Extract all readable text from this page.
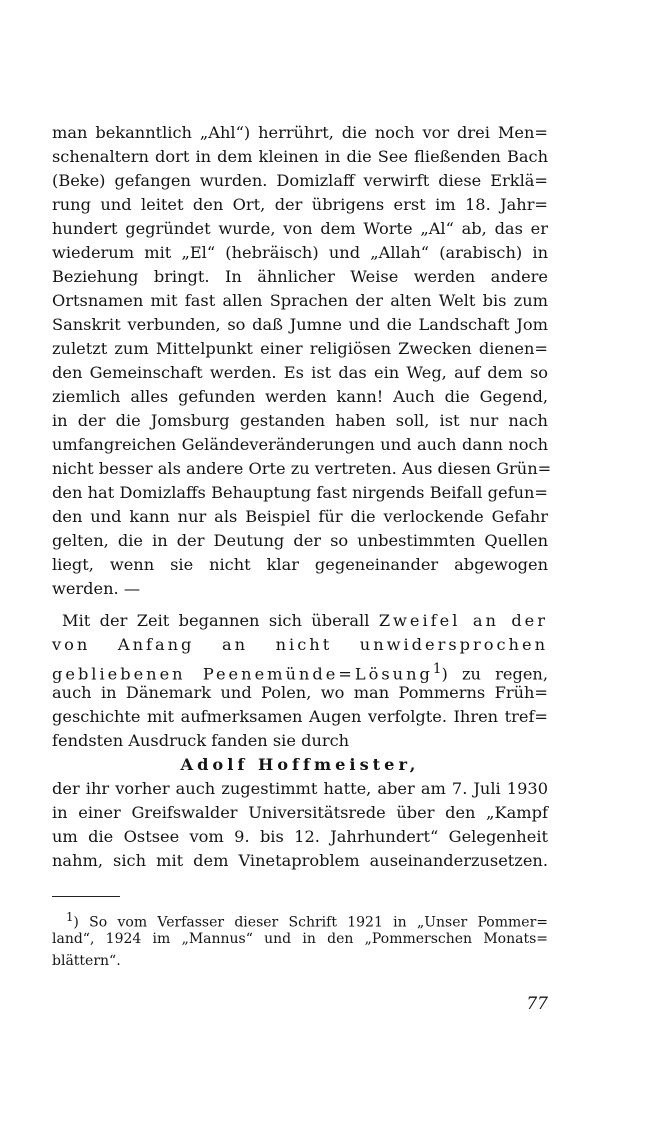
man bekanntlich „Ahl“) herrührt, die noch vor drei Men=
schenaltern dort in dem kleinen in die See fließenden Bach
(Beke) gefangen wurden. Domizlaff verwirft diese Erklä=
rung und leitet den Ort, der übrigens erst im 18. Jahr=
hundert gegründet wurde, von dem Worte „Al“ ab, das er
wiederum mit „El“ (hebräisch) und „Allah“ (arabisch) in
Beziehung bringt. In ähnlicher Weise werden andere
Ortsnamen mit fast allen Sprachen der alten Welt bis zum
Sanskrit verbunden, so daß Jumne und die Landschaft Jom
zuletzt zum Mittelpunkt einer religiösen Zwecken dienen=
den Gemeinschaft werden. Es ist das ein Weg, auf dem so
ziemlich alles gefunden werden kann! Auch die Gegend,
in der die Jomsburg gestanden haben soll, ist nur nach
umfangreichen Geländeveränderungen und auch dann noch
nicht besser als andere Orte zu vertreten. Aus diesen Grün=
den hat Domizlaffs Behauptung fast nirgends Beifall gefun=
den und kann nur als Beispiel für die verlockende Gefahr
gelten, die in der Deutung der so unbestimmten Quellen
liegt, wenn sie nicht klar gegeneinander abgewogen
werden. —
Mit der Zeit begannen sich überall Zweifel an der
von Anfang an nicht unwidersprochen
gebliebenen Peenemünde=Lösung$^1$) zu regen,
auch in Dänemark und Polen, wo man Pommerns Früh=
geschichte mit aufmerksamen Augen verfolgte. Ihren tref=
fendsten Ausdruck fanden sie durch
Adolf Hoffmeister,
der ihr vorher auch zugestimmt hatte, aber am 7. Juli 1930
in einer Greifswalder Universitätsrede über den „Kampf
um die Ostsee vom 9. bis 12. Jahrhundert“ Gelegenheit
nahm, sich mit dem Vinetaproblem auseinanderzusetzen.
$^1$) So vom Verfasser dieser Schrift 1921 in „Unser Pommer=
land“, 1924 im „Mannus“ und in den „Pommerschen Monats=
blättern“.
77
